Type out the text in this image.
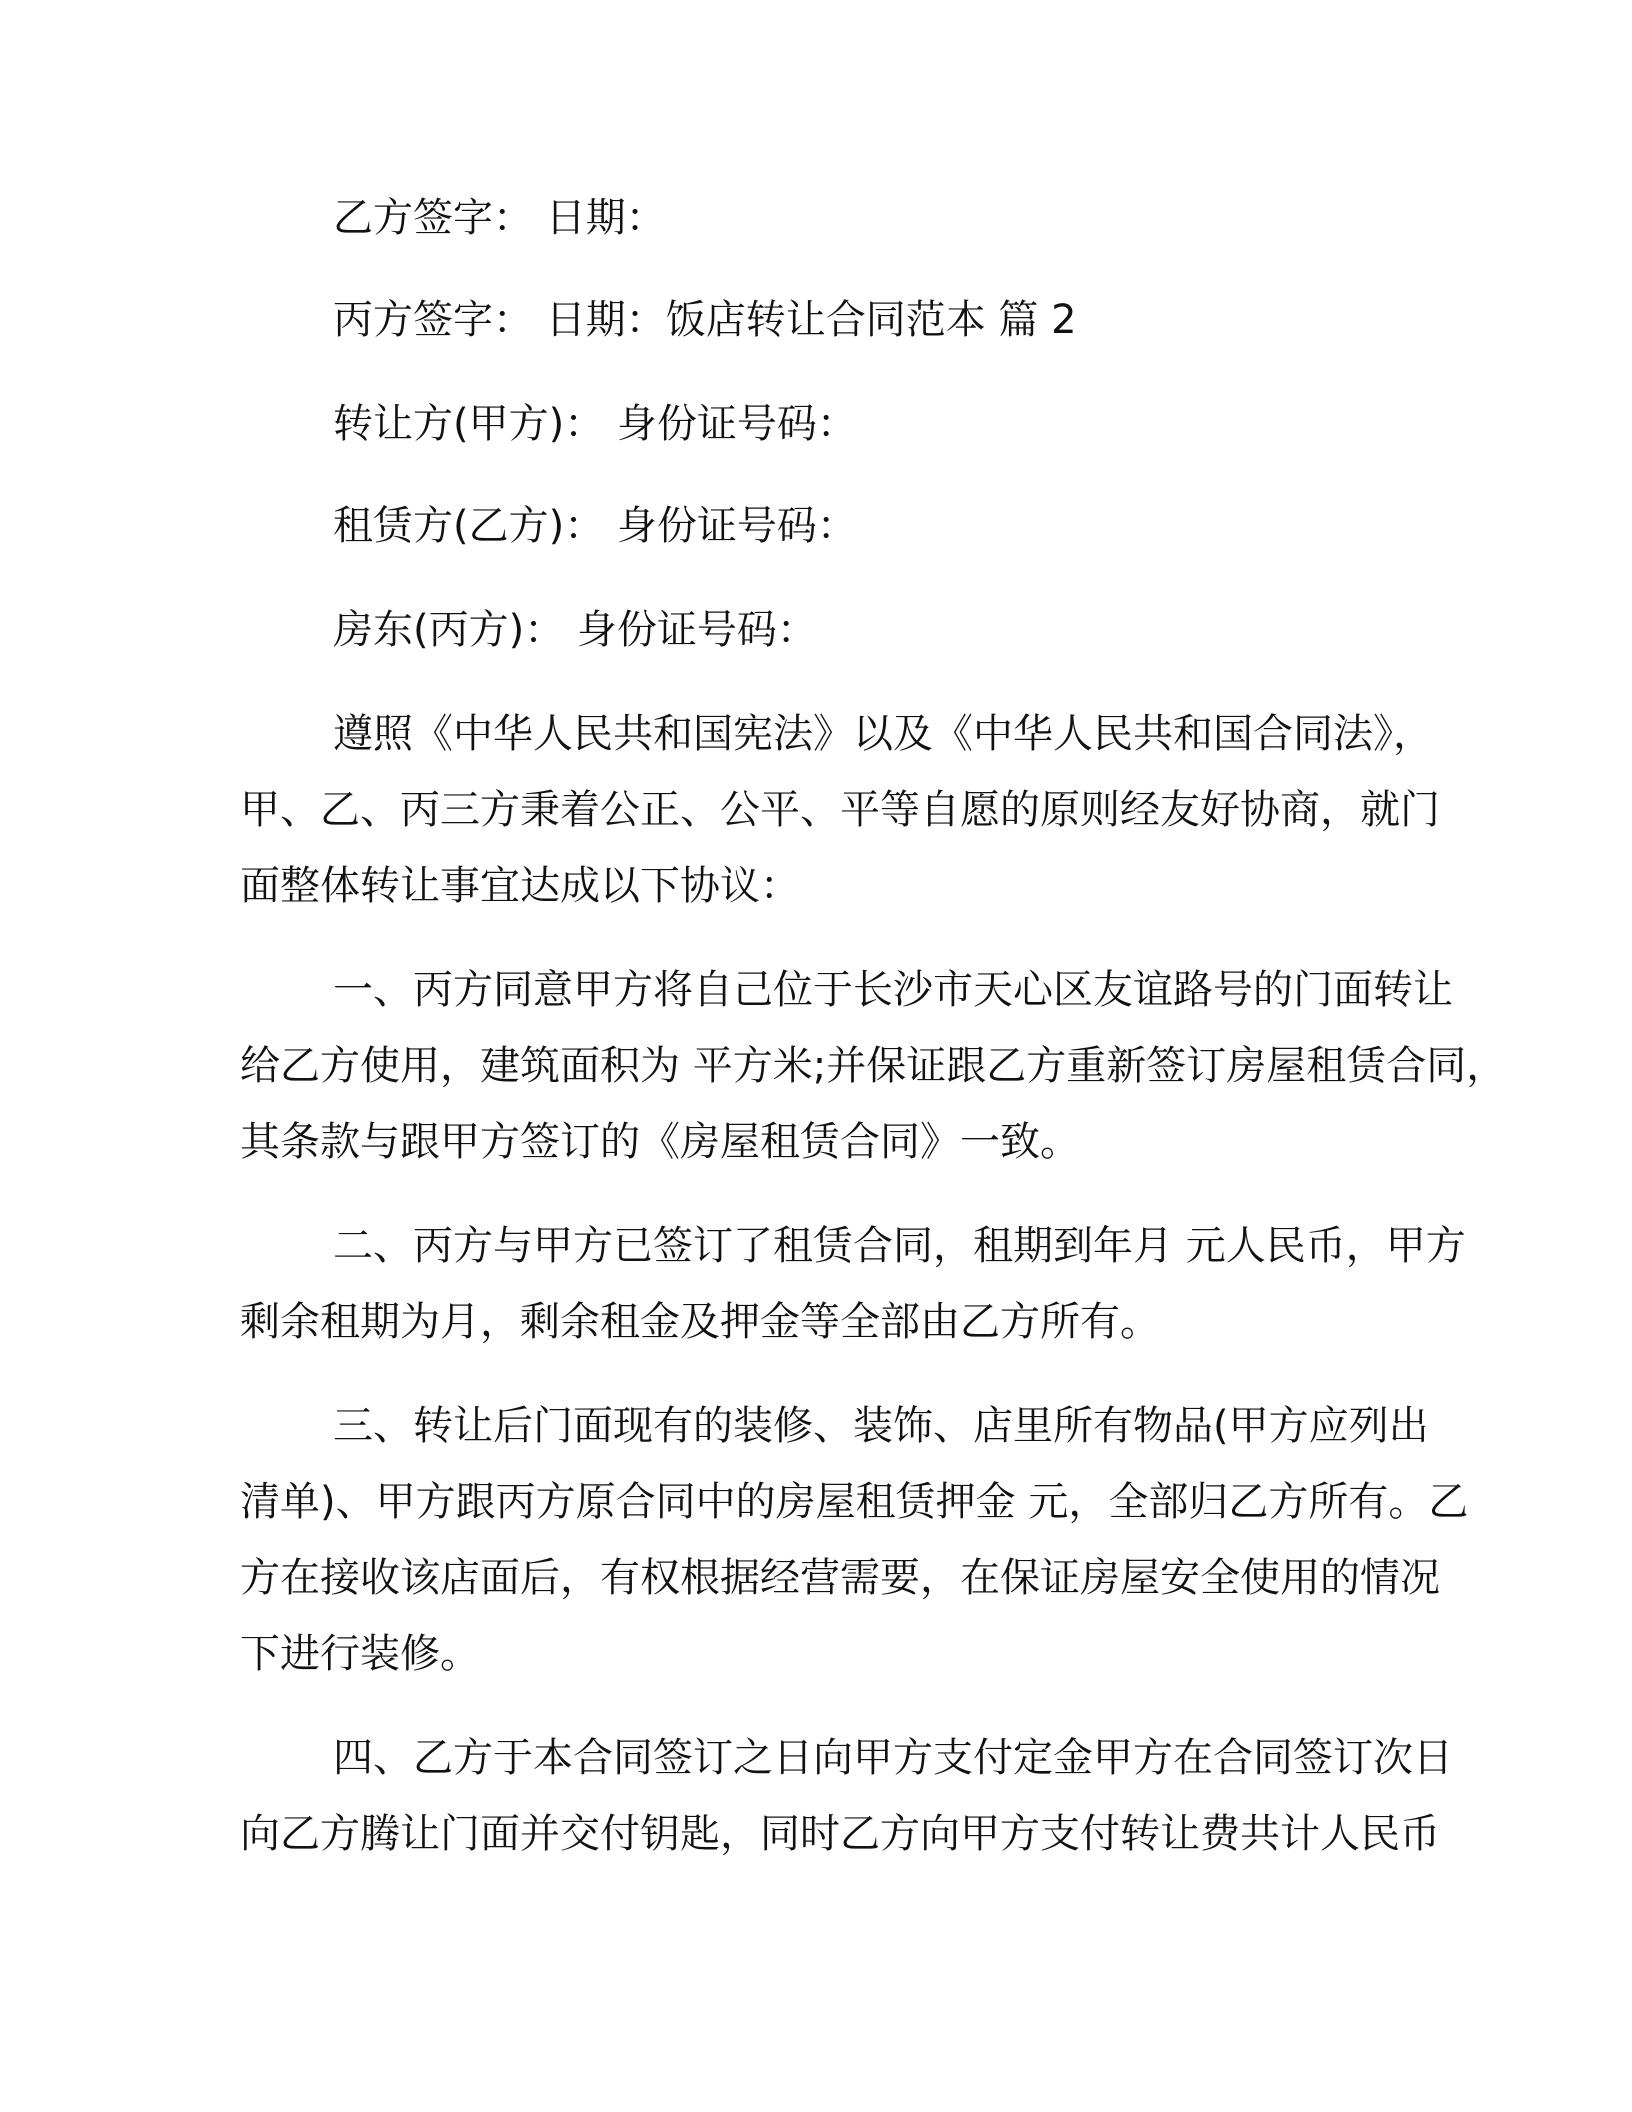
乙方签字： 日期：
丙方签字： 日期：饭店转让合同范本 篇 2
转让方(甲方)： 身份证号码：
租赁方(乙方)： 身份证号码：
房东(丙方)： 身份证号码：
遵照《中华人民共和国宪法》以及《中华人民共和国合同法》，
甲、乙、丙三方秉着公正、公平、平等自愿的原则经友好协商，就门
面整体转让事宜达成以下协议：
一、丙方同意甲方将自己位于长沙市天心区友谊路号的门面转让
给乙方使用，建筑面积为 平方米;并保证跟乙方重新签订房屋租赁合同，
其条款与跟甲方签订的《房屋租赁合同》一致。
二、丙方与甲方已签订了租赁合同，租期到年月 元人民币，甲方
剩余租期为月，剩余租金及押金等全部由乙方所有。
三、转让后门面现有的装修、装饰、店里所有物品(甲方应列出
清单)、甲方跟丙方原合同中的房屋租赁押金 元，全部归乙方所有。乙
方在接收该店面后，有权根据经营需要，在保证房屋安全使用的情况
下进行装修。
四、乙方于本合同签订之日向甲方支付定金甲方在合同签订次日
向乙方腾让门面并交付钥匙，同时乙方向甲方支付转让费共计人民币
